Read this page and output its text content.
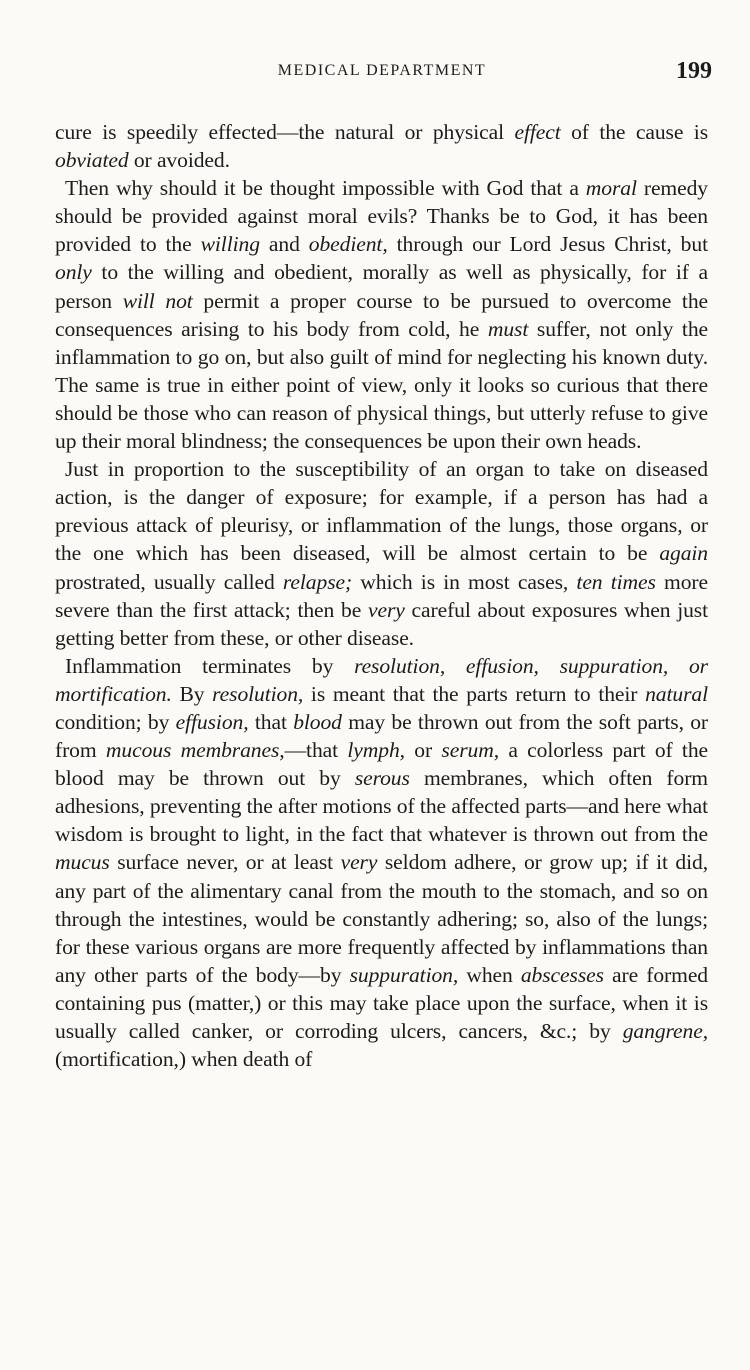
MEDICAL DEPARTMENT	199

cure is speedily effected—the natural or physical effect of the cause is obviated or avoided.

Then why should it be thought impossible with God that a moral remedy should be provided against moral evils? Thanks be to God, it has been provided to the willing and obedient, through our Lord Jesus Christ, but only to the willing and obedient, morally as well as physically, for if a person will not permit a proper course to be pursued to overcome the consequences arising to his body from cold, he must suffer, not only the inflammation to go on, but also guilt of mind for neglecting his known duty. The same is true in either point of view, only it looks so curious that there should be those who can reason of physical things, but utterly refuse to give up their moral blindness; the consequences be upon their own heads.

Just in proportion to the susceptibility of an organ to take on diseased action, is the danger of exposure; for example, if a person has had a previous attack of pleurisy, or inflammation of the lungs, those organs, or the one which has been diseased, will be almost certain to be again prostrated, usually called relapse; which is in most cases, ten times more severe than the first attack; then be very careful about exposures when just getting better from these, or other disease.

Inflammation terminates by resolution, effusion, suppuration, or mortification. By resolution, is meant that the parts return to their natural condition; by effusion, that blood may be thrown out from the soft parts, or from mucous membranes,—that lymph, or serum, a colorless part of the blood may be thrown out by serous membranes, which often form adhesions, preventing the after motions of the affected parts—and here what wisdom is brought to light, in the fact that whatever is thrown out from the mucus surface never, or at least very seldom adhere, or grow up; if it did, any part of the alimentary canal from the mouth to the stomach, and so on through the intestines, would be constantly adhering; so, also of the lungs; for these various organs are more frequently affected by inflammations than any other parts of the body—by suppuration, when abscesses are formed containing pus (matter,) or this may take place upon the surface, when it is usually called canker, or corroding ulcers, cancers, &c.; by gangrene, (mortification,) when death of
